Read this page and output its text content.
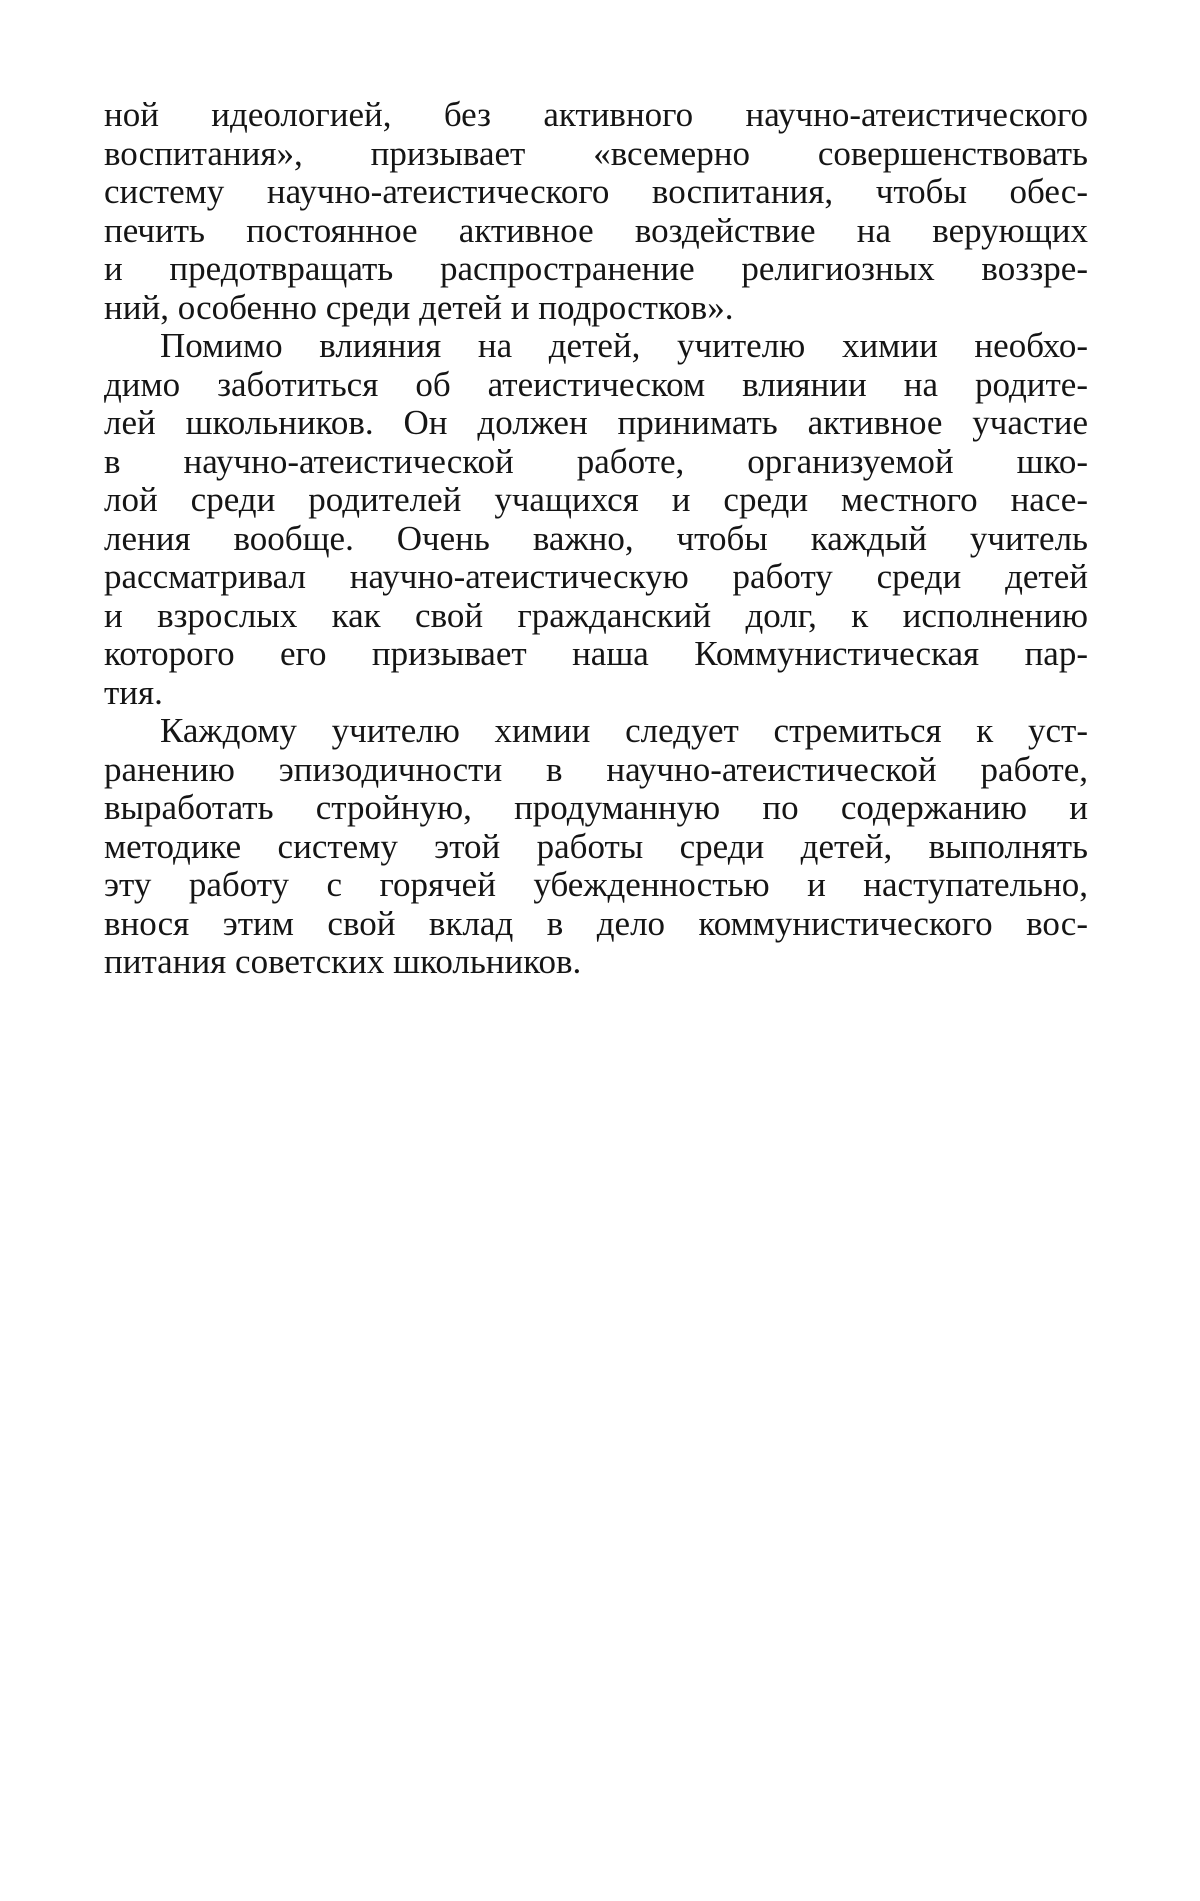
ной идеологией, без активного научно-атеистического
воспитания», призывает «всемерно совершенствовать
систему научно-атеистического воспитания, чтобы обес-
печить постоянное активное воздействие на верующих
и предотвращать распространение религиозных воззре-
ний, особенно среди детей и подростков».
Помимо влияния на детей, учителю химии необхо-
димо заботиться об атеистическом влиянии на родите-
лей школьников. Он должен принимать активное участие
в научно-атеистической работе, организуемой шко-
лой среди родителей учащихся и среди местного насе-
ления вообще. Очень важно, чтобы каждый учитель
рассматривал научно-атеистическую работу среди детей
и взрослых как свой гражданский долг, к исполнению
которого его призывает наша Коммунистическая пар-
тия.
Каждому учителю химии следует стремиться к уст-
ранению эпизодичности в научно-атеистической работе,
выработать стройную, продуманную по содержанию и
методике систему этой работы среди детей, выполнять
эту работу с горячей убежденностью и наступательно,
внося этим свой вклад в дело коммунистического вос-
питания советских школьников.
